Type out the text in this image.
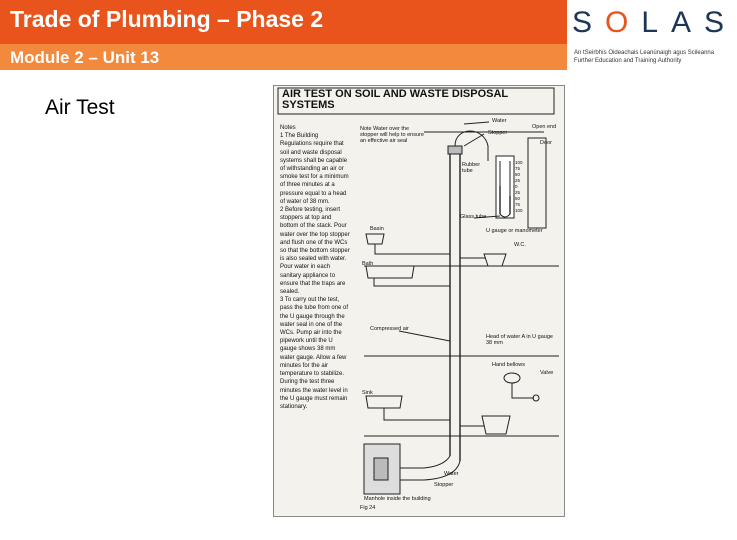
Trade of Plumbing – Phase 2
Module 2 – Unit 13
SOLAS
An tSeirbhís Oideachais Leanúnaigh agus Scileanna
Further Education and Training Authority
Air Test
100
75
50
25
0
25
50
75
100
AIR TEST ON SOIL AND WASTE DISPOSAL SYSTEMS

Notes

1 The Building Regulations require that soil and waste disposal systems shall be capable of withstanding an air or smoke test for a minimum of three minutes at a pressure equal to a head of water of 38 mm.

2 Before testing, insert stoppers at top and bottom of the stack. Pour water over the top stopper and flush one of the WCs so that the bottom stopper is also sealed with water. Pour water in each sanitary appliance to ensure that the traps are sealed.

3 To carry out the test, pass the tube from one of the U gauge through the water seal in one of the WCs. Pump air into the pipework until the U gauge shows 38 mm water gauge. Allow a few minutes for the air temperature to stabilize. During the test three minutes the water level in the U gauge must remain stationary.

Note Water over the stopper will help to ensure an effective air seal
Water
Stopper
Open end
Door
Rubber tube
Glass tube
U gauge or manometer
Basin
W.C.
Bath
Compressed air
Head of water A in U gauge 38 mm
Hand bellows
Valve
Sink
Water
Stopper
Manhole inside the building
Fig 24
